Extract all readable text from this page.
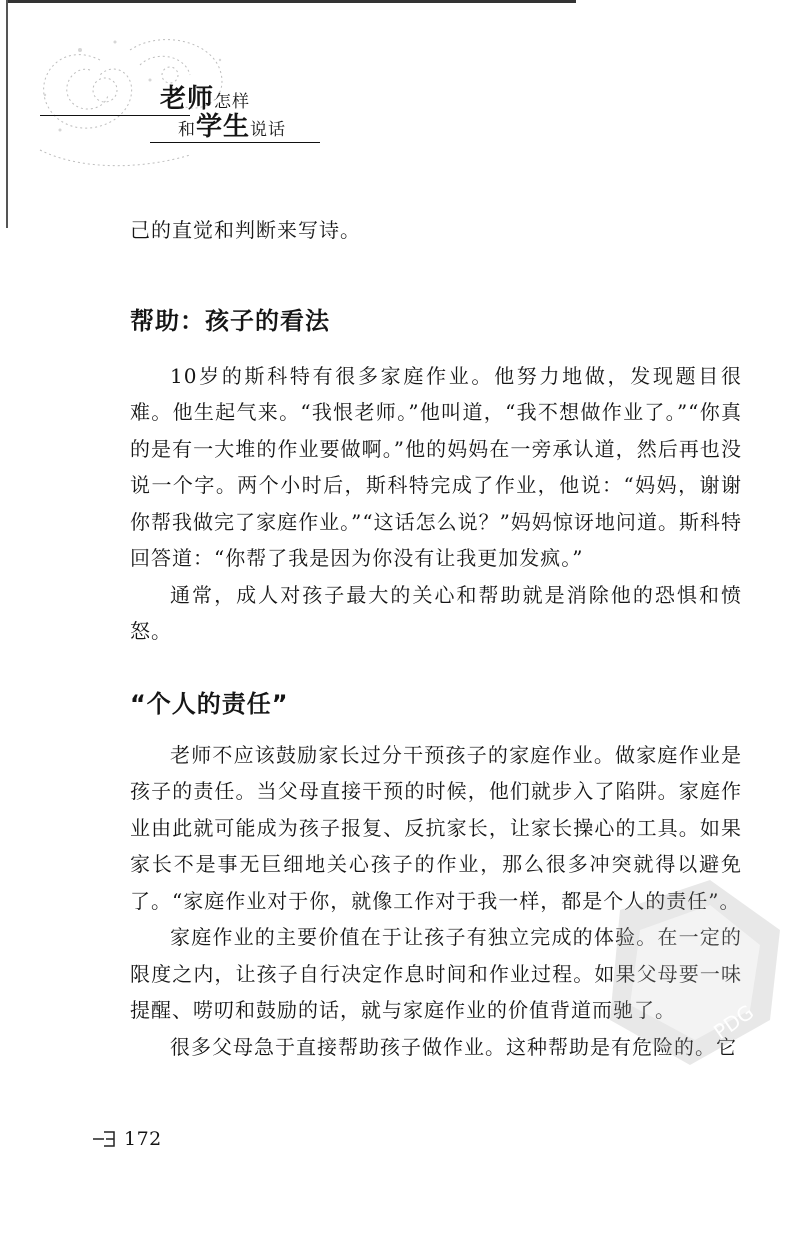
老师怎样
和学生说话

己的直觉和判断来写诗。

帮助：孩子的看法

10岁的斯科特有很多家庭作业。他努力地做，发现题目很难。他生起气来。“我恨老师。”他叫道，“我不想做作业了。”“你真的是有一大堆的作业要做啊。”他的妈妈在一旁承认道，然后再也没说一个字。两个小时后，斯科特完成了作业，他说：“妈妈，谢谢你帮我做完了家庭作业。”“这话怎么说？”妈妈惊讶地问道。斯科特回答道：“你帮了我是因为你没有让我更加发疯。”

通常，成人对孩子最大的关心和帮助就是消除他的恐惧和愤怒。

“个人的责任”

老师不应该鼓励家长过分干预孩子的家庭作业。做家庭作业是孩子的责任。当父母直接干预的时候，他们就步入了陷阱。家庭作业由此就可能成为孩子报复、反抗家长，让家长操心的工具。如果家长不是事无巨细地关心孩子的作业，那么很多冲突就得以避免了。“家庭作业对于你，就像工作对于我一样，都是个人的责任”。

家庭作业的主要价值在于让孩子有独立完成的体验。在一定的限度之内，让孩子自行决定作息时间和作业过程。如果父母要一味提醒、唠叨和鼓励的话，就与家庭作业的价值背道而驰了。

很多父母急于直接帮助孩子做作业。这种帮助是有危险的。它

PDG
172
